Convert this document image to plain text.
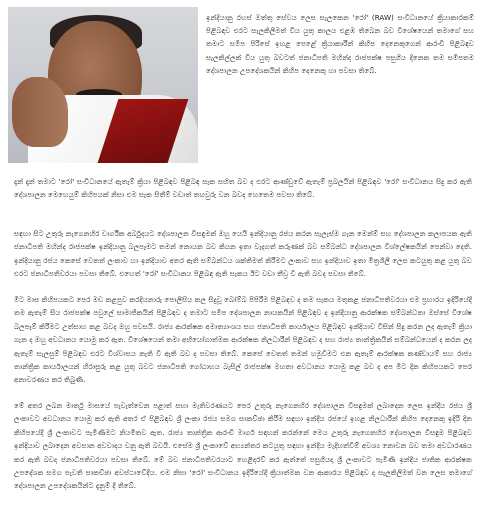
ඉන්දියානු රහස් ඔත්තු සේවය ලෙස සැලකෙන 'රෝ' (RAW) සංවිධානයේ ක්‍රියාකාරකම් පිළිබඳව එරට සැලකිලිමත් විය යුතු කාලය එළඹ තිබෙන බව විශේෂයෙන් තමාගේ සහ තමාට සමීප පිරිසේ ඉහළ පෙළේ ක්‍රියාකාරීන් කිහිප දෙනෙකුගෙන් ආරංචි පිළිබඳව සැලකිල්ලක් විය යුතු බවටත් ජනාධිපති මහින්ද රාජපක්ෂ පසුගිය දිනෙක තම සමීපතම දේශපාලන උපදේශකයින් කිහිප දෙනෙකු හා පවසා තිබේ.

දැන් දැන් තමාට 'රෝ' සංවිධානයේ ඇතැම් ක්‍රියා පිළිබඳව පිළිබඳ සැක සහිත බව ද එරට ආණ්ඩුවේ ඇතැම් ප්‍රබලයින් පිළිබඳව 'රෝ' සංවිධානය සිදු කර ඇති දේශපාලන මෙහෙයුම් කිහිපයක් නිසා එම සැක සිතීම් වඩාත් තහවුරු වන බවද හෙතෙම පවසා තිබේ.

සඳහා සිට උතුරු නැගෙනහිර වාර්ගික අර්බුදයට දේශපාලන විසඳුමක් ඔහු යෙයි ඉන්දියානු රජය කරන සැලැස්ම ගැන මෙන්ම් සහ දේශපාලන කලාපයක ඇති ජනාධිපති මහින්ද රාජපක්ෂ ඉන්දියානු බලපෑමට තමන් නොයන බව කියන ඉතා වැදගත් කරුණක් බව සම්බන්ධ දේශපාලන විශ්ලේෂකයින් පෙන්වා දෙති. ඉන්දියානු රජය කෙසේ වෙතත් ලංකාව හා ඉන්දියාව අතර ඇති සම්බන්ධය ශක්තිමත් කිරීමට ලංකාව සහ ඉන්දියාව ඉතා මිත්‍රශීලී ලෙස කටයුතු කළ යුතු බව එරට ජනාධිපතිවරයා පවසා තිබේ. එහෙත් 'රෝ' සංවිධානය පිළිබඳ ඇති සැකය ඊට වඩා තීව්‍ර වී ඇති බවද පවසා තිබේ.

මීට මාස කිහිපයකට පෙර මඩ කළපුව කරදියනාරු පොලිසිය කල සිදුවූ බෝම්බ පිපිරීම පිළිබඳව ද තම සැකය මතුකළ ජනාධිපතිවරයා එම ප්‍රහාරය ඉදිරියේදී තම ඇතැම් සිය රාජපක්ෂ පවුලේ සාමාජිකයින් පිළිබඳව ද තමාට සමීප දේශපාලන නායකයින් පිළිබඳව ද ඉන්දියානු ආරක්ෂක සම්බන්ධතා ඔස්සේ විශේෂ බලපෑම් කිරීමට උත්සාහ කළ බවද ඔහු පවසයි. රාජ්‍ය ආරක්ෂක අමාත්‍යාංශය සහ ජනාධිපති කාර්යාලය පිළිබඳව ඉන්දියාව විසින් සිදු කරන ලද ඇතැම් ක්‍රියා ගැන ද ඔහු අවධානය යොමු කර ඇත. විශේෂයෙන් තමා අභියෝගාත්මක ආරක්ෂක නිලධාරීන් පිළිබඳව ද සහ රාජ්‍ය තාන්ත්‍රිකයින් සම්බන්ධයෙන් ද කරන ලද ඇතැම් සැලසුම් පිළිබඳව එරට විශ්වාසය නැති වී ඇති බව ද පවසා තිබේ. කෙසේ වෙතත් තමන් හමුවීමට එන ඇතැම් ආරක්ෂක කණ්ඩායම් සහ රාජ්‍ය තාන්ත්‍රික කාර්යාලයන් හිරාසුරු කළ යුතු බවට ජනාධිපති ගෝඨාභය බැසිල් රාජපක්ෂ මහතා අවධානය යොමු කළ බව ද අප මීට දින කිහිපයකට පෙර අනාවරණය කර තිබුණි.

මේ අතර ලබන මාර්තු මාසයේ පැවැත්වෙන පළාත් සභා මැතිවරණයට පෙර උතුරු නැගෙනහිර දේශපාලන විසඳුමක් ලබාදෙන ලෙස ඉන්දීය රජය ශ්‍රී ලංකාවට අවධානය යොමු කර ඇති අතර ඒ පිළිබඳව ශ්‍රී ලංකා රජය සමග සාකච්ඡා කිරීම සඳහා ඉන්දීය රජයේ ඉහළ නිලධාරීන් කිහිප දෙනෙකු ඉදිරි දින කිහිපයේදී ශ්‍රී ලංකාවට පැමිණීමට නියමිතව ඇත. රාජ්‍ය තාන්ත්‍රික ආරංචි මාර්ග සඳහන් කරන්නේ මෙය උතුරු නැගෙනහිර දේශපාලන විසඳුම පිළිබඳව ඉන්දියාව ලබාදෙන අවසාන අවවාදය වනු ඇති බවයි. එසේම ශ්‍රී ලංකාවේ අභ්‍යන්තර කටයුතු සඳහා ඉන්දීය මැදිහත්වීම් අවශ්‍ය නොවන බව තමා අවධාරණය කර ඇති බවද ජනාධිපතිවරයා පවසා තිබේ. මේ බව ජනාධිපතිවරයාට හෙළිදරව් කර ඇත්තේ පසුගියදා ශ්‍රී ලංකාවට පැමිණි ඉන්දීය ජාතික ආරක්ෂක උපදේශක සමග පැවති සාකච්ඡා අවස්ථාවේදීය. එම නිසා 'රෝ' සංවිධානය ඉදිරියේදී ක්‍රියාත්මක වන ආකාරය පිළිබඳව ද සැලකිලිමත් වන ලෙස තමාගේ දේශපාලන උපදේශකයින්ට දැනුම් දී තිබේ.
